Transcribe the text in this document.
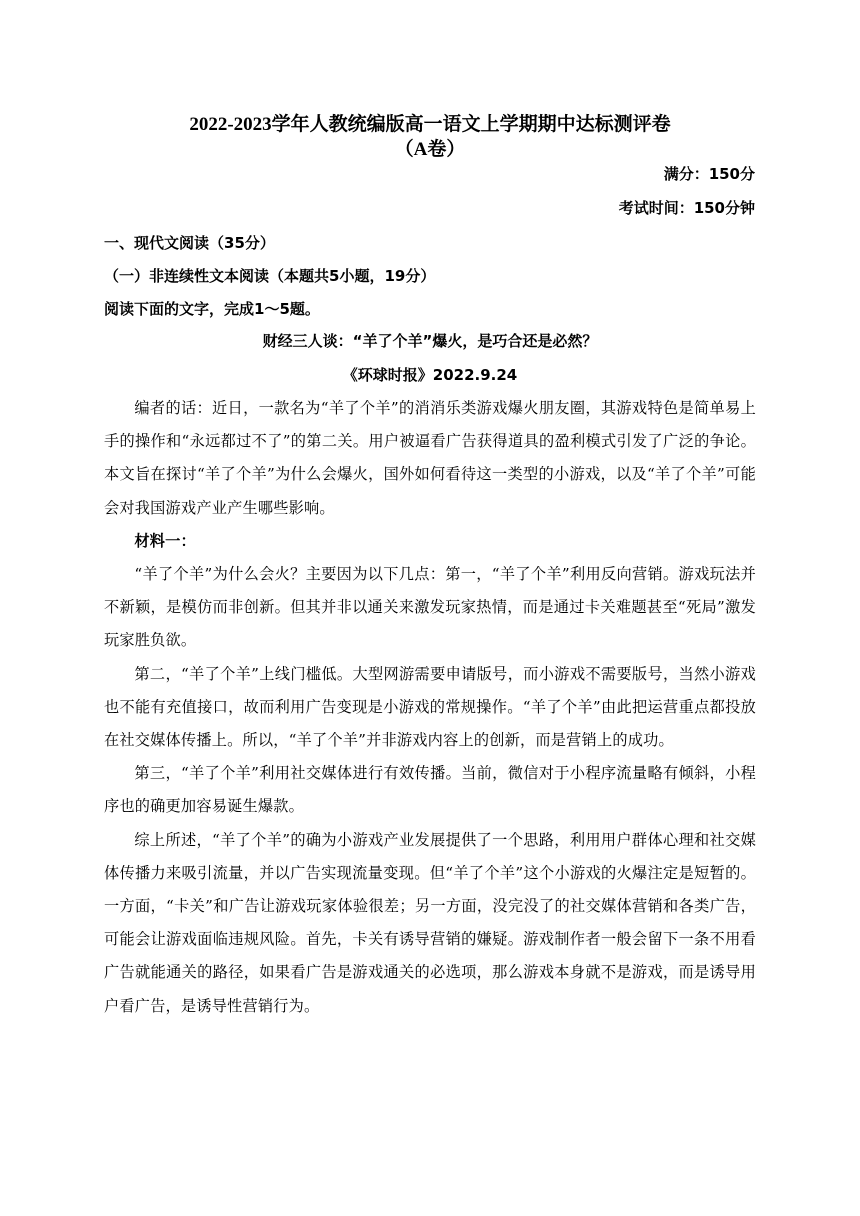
2022-2023学年人教统编版高一语文上学期期中达标测评卷
（A卷）
满分：150分
考试时间：150分钟
一、现代文阅读（35分）
（一）非连续性文本阅读（本题共5小题，19分）
阅读下面的文字，完成1～5题。
财经三人谈：“羊了个羊”爆火，是巧合还是必然？
《环球时报》2022.9.24

编者的话：近日，一款名为“羊了个羊”的消消乐类游戏爆火朋友圈，其游戏特色是简单易上手的操作和“永远都过不了”的第二关。用户被逼看广告获得道具的盈利模式引发了广泛的争论。本文旨在探讨“羊了个羊”为什么会爆火，国外如何看待这一类型的小游戏，以及“羊了个羊”可能会对我国游戏产业产生哪些影响。

材料一：

“羊了个羊”为什么会火？主要因为以下几点：第一，“羊了个羊”利用反向营销。游戏玩法并不新颖，是模仿而非创新。但其并非以通关来激发玩家热情，而是通过卡关难题甚至“死局”激发玩家胜负欲。

第二，“羊了个羊”上线门槛低。大型网游需要申请版号，而小游戏不需要版号，当然小游戏也不能有充值接口，故而利用广告变现是小游戏的常规操作。“羊了个羊”由此把运营重点都投放在社交媒体传播上。所以，“羊了个羊”并非游戏内容上的创新，而是营销上的成功。

第三，“羊了个羊”利用社交媒体进行有效传播。当前，微信对于小程序流量略有倾斜，小程序也的确更加容易诞生爆款。

综上所述，“羊了个羊”的确为小游戏产业发展提供了一个思路，利用用户群体心理和社交媒体传播力来吸引流量，并以广告实现流量变现。但“羊了个羊”这个小游戏的火爆注定是短暂的。一方面，“卡关”和广告让游戏玩家体验很差；另一方面，没完没了的社交媒体营销和各类广告，可能会让游戏面临违规风险。首先，卡关有诱导营销的嫌疑。游戏制作者一般会留下一条不用看广告就能通关的路径，如果看广告是游戏通关的必选项，那么游戏本身就不是游戏，而是诱导用户看广告，是诱导性营销行为。
